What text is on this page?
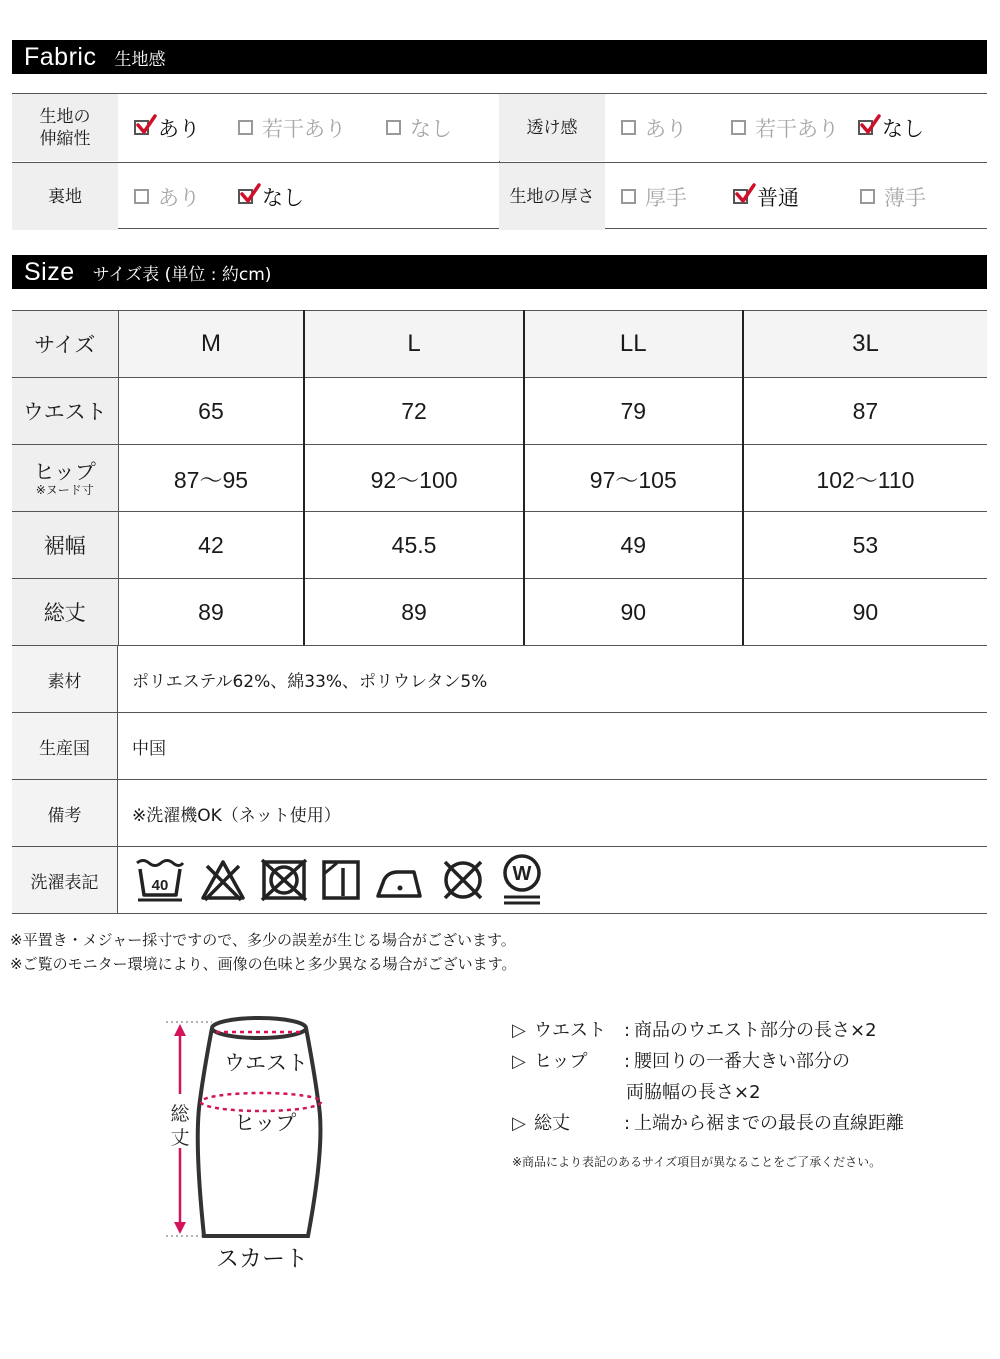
Fabric 生地感
生地の
伸縮性	あり	若干あり	なし	透け感	あり	若干あり なし
裏地	あり	なし	生地の厚さ	厚手	普通	薄手
Size サイズ表 (単位 : 約cm)
サイズ	M	L	LL	3L
ウエスト	65	72	79	87

ヒップ
※ヌード寸	87〜95	92〜100	97〜105	102〜110
裾幅	42	45.5	49	53
総丈	89	89	90	90
素材	ポリエステル62%、綿33%、ポリウレタン5%
生産国	中国
備考	※洗濯機OK（ネット使用）
洗濯表記	40
W
※平置き・メジャー採寸ですので、多少の誤差が生じる場合がございます。
※ご覧のモニター環境により、画像の色味と多少異なる場合がございます。
総
丈
ウエスト
ヒップ
スカート
▷ ウエスト	: 商品のウエスト部分の長さ×2
▷ ヒップ	: 腰回りの一番大きい部分の
両脇幅の長さ×2
▷ 総丈	: 上端から裾までの最長の直線距離
※商品により表記のあるサイズ項目が異なることをご了承ください。
